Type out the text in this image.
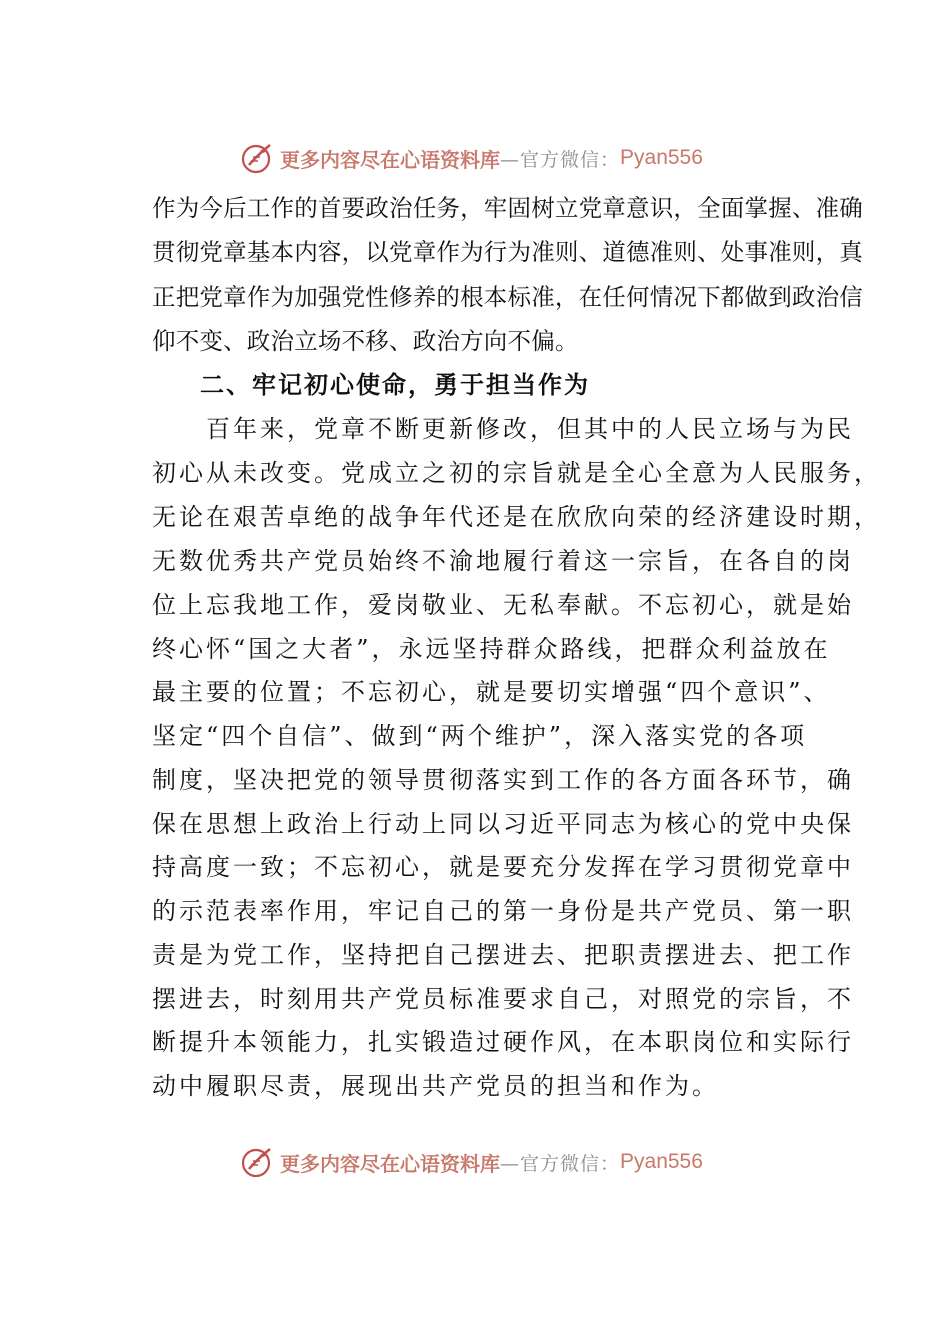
更多内容尽在心语资料库 —官方微信： Pyan556
作为今后工作的首要政治任务，牢固树立党章意识，全面掌握、准确
贯彻党章基本内容，以党章作为行为准则、道德准则、处事准则，真
正把党章作为加强党性修养的根本标准，在任何情况下都做到政治信
仰不变、政治立场不移、政治方向不偏。
二、牢记初心使命，勇于担当作为
　　百年来，党章不断更新修改，但其中的人民立场与为民
初心从未改变。党成立之初的宗旨就是全心全意为人民服务，
无论在艰苦卓绝的战争年代还是在欣欣向荣的经济建设时期，
无数优秀共产党员始终不渝地履行着这一宗旨，在各自的岗
位上忘我地工作，爱岗敬业、无私奉献。不忘初心，就是始
终心怀“国之大者”，永远坚持群众路线，把群众利益放在
最主要的位置；不忘初心，就是要切实增强“四个意识”、
坚定“四个自信”、做到“两个维护”，深入落实党的各项
制度，坚决把党的领导贯彻落实到工作的各方面各环节，确
保在思想上政治上行动上同以习近平同志为核心的党中央保
持高度一致；不忘初心，就是要充分发挥在学习贯彻党章中
的示范表率作用，牢记自己的第一身份是共产党员、第一职
责是为党工作，坚持把自己摆进去、把职责摆进去、把工作
摆进去，时刻用共产党员标准要求自己，对照党的宗旨，不
断提升本领能力，扎实锻造过硬作风，在本职岗位和实际行
动中履职尽责，展现出共产党员的担当和作为。
更多内容尽在心语资料库 —官方微信： Pyan556
